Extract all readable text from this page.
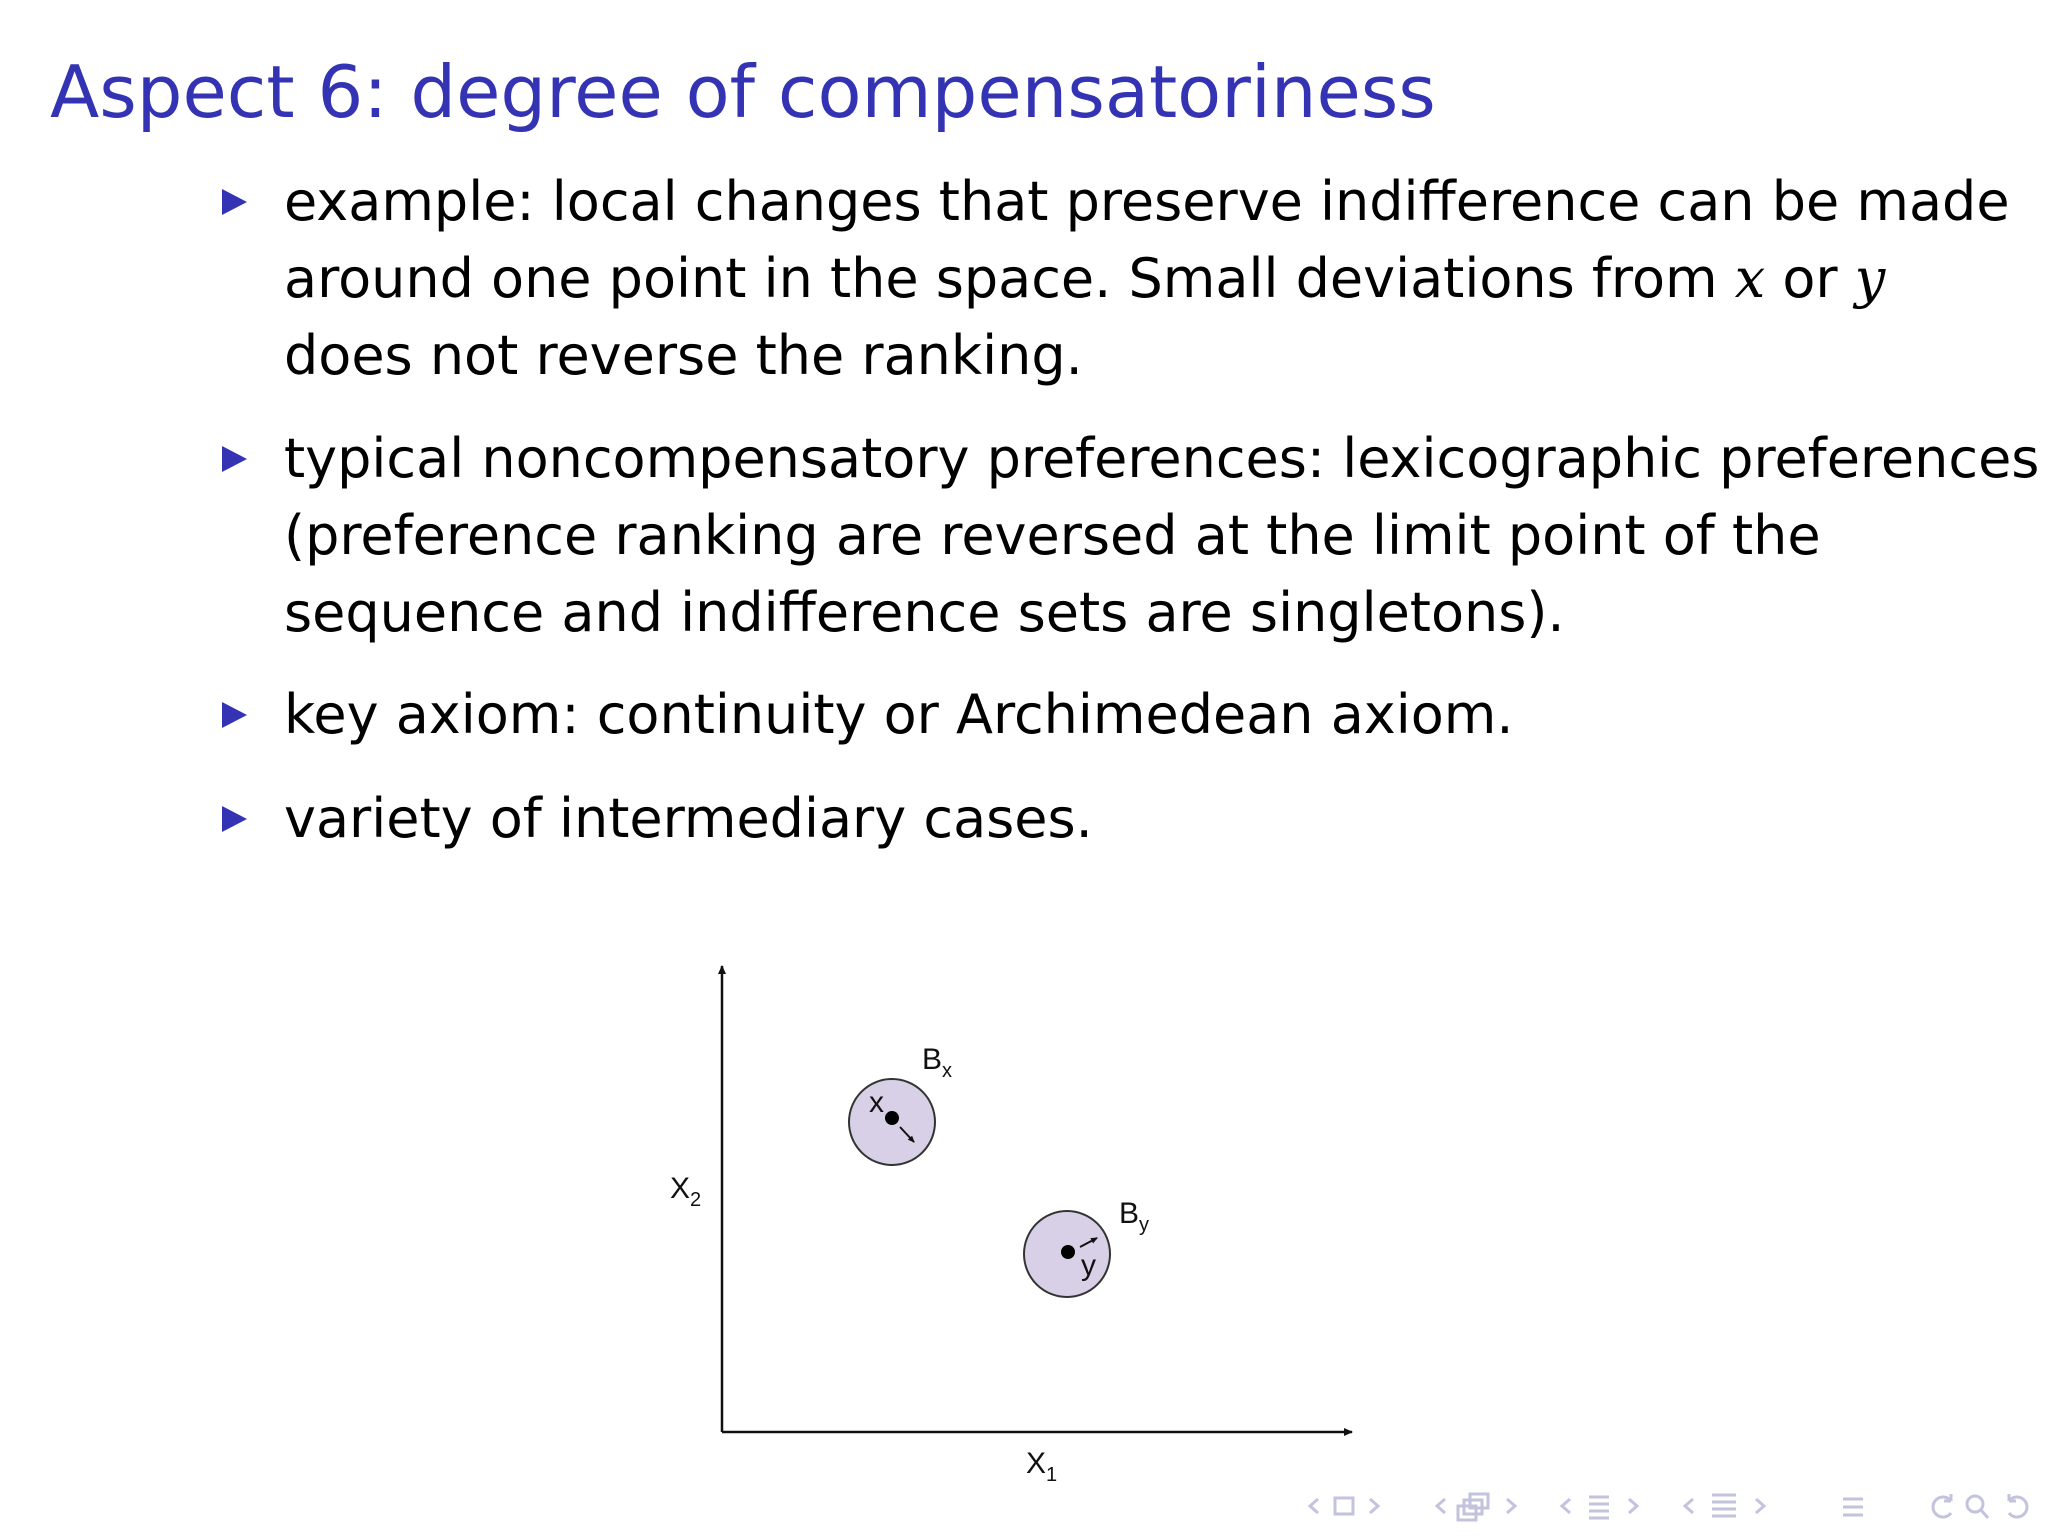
Aspect 6: degree of compensatoriness

example: local changes that preserve indifference can be made

around one point in the space. Small deviations from x or y

does not reverse the ranking.

typical noncompensatory preferences: lexicographic preferences

(preference ranking are reversed at the limit point of the

sequence and indifference sets are singletons).

key axiom: continuity or Archimedean axiom.

variety of intermediary cases.

$X_2$
$X_1$
x
$B_x$
y
$B_y$
